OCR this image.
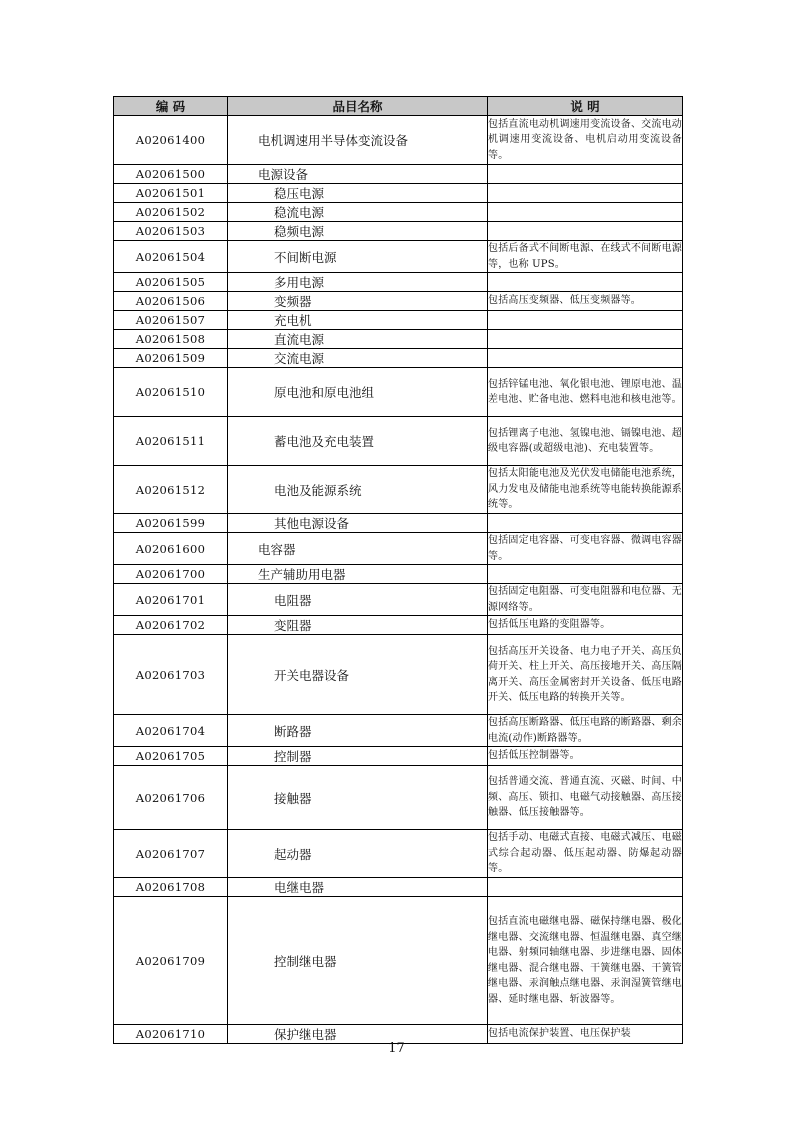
编 码	品目名称	说 明
A02061400	电机调速用半导体变流设备	包括直流电动机调速用变流设备、交流电动机调速用变流设备、电机启动用变流设备等。
A02061500	电源设备	
A02061501	稳压电源	
A02061502	稳流电源	
A02061503	稳频电源	
A02061504	不间断电源	包括后备式不间断电源、在线式不间断电源等，也称 UPS。
A02061505	多用电源	
A02061506	变频器	包括高压变频器、低压变频器等。
A02061507	充电机	
A02061508	直流电源	
A02061509	交流电源	
A02061510	原电池和原电池组	包括锌锰电池、氧化银电池、锂原电池、温差电池、贮备电池、燃料电池和核电池等。
A02061511	蓄电池及充电装置	包括锂离子电池、氢镍电池、镉镍电池、超级电容器(或超级电池)、充电装置等。
A02061512	电池及能源系统	包括太阳能电池及光伏发电储能电池系统，风力发电及储能电池系统等电能转换能源系统等。
A02061599	其他电源设备	
A02061600	电容器	包括固定电容器、可变电容器、微调电容器等。
A02061700	生产辅助用电器	
A02061701	电阻器	包括固定电阻器、可变电阻器和电位器、无源网络等。
A02061702	变阻器	包括低压电路的变阻器等。
A02061703	开关电器设备	包括高压开关设备、电力电子开关、高压负荷开关、柱上开关、高压接地开关、高压隔离开关、高压金属密封开关设备、低压电路开关、低压电路的转换开关等。
A02061704	断路器	包括高压断路器、低压电路的断路器、剩余电流(动作)断路器等。
A02061705	控制器	包括低压控制器等。
A02061706	接触器	包括普通交流、普通直流、灭磁、时间、中频、高压、锁扣、电磁气动接触器、高压接触器、低压接触器等。
A02061707	起动器	包括手动、电磁式直接、电磁式减压、电磁式综合起动器、低压起动器、防爆起动器等。
A02061708	电继电器	
A02061709	控制继电器	包括直流电磁继电器、磁保持继电器、极化继电器、交流继电器、恒温继电器、真空继电器、射频同轴继电器、步进继电器、固体继电器、混合继电器、干簧继电器、干簧管继电器、汞润触点继电器、汞润湿簧管继电器、延时继电器、斩波器等。
A02061710	保护继电器	包括电流保护装置、电压保护装
17
